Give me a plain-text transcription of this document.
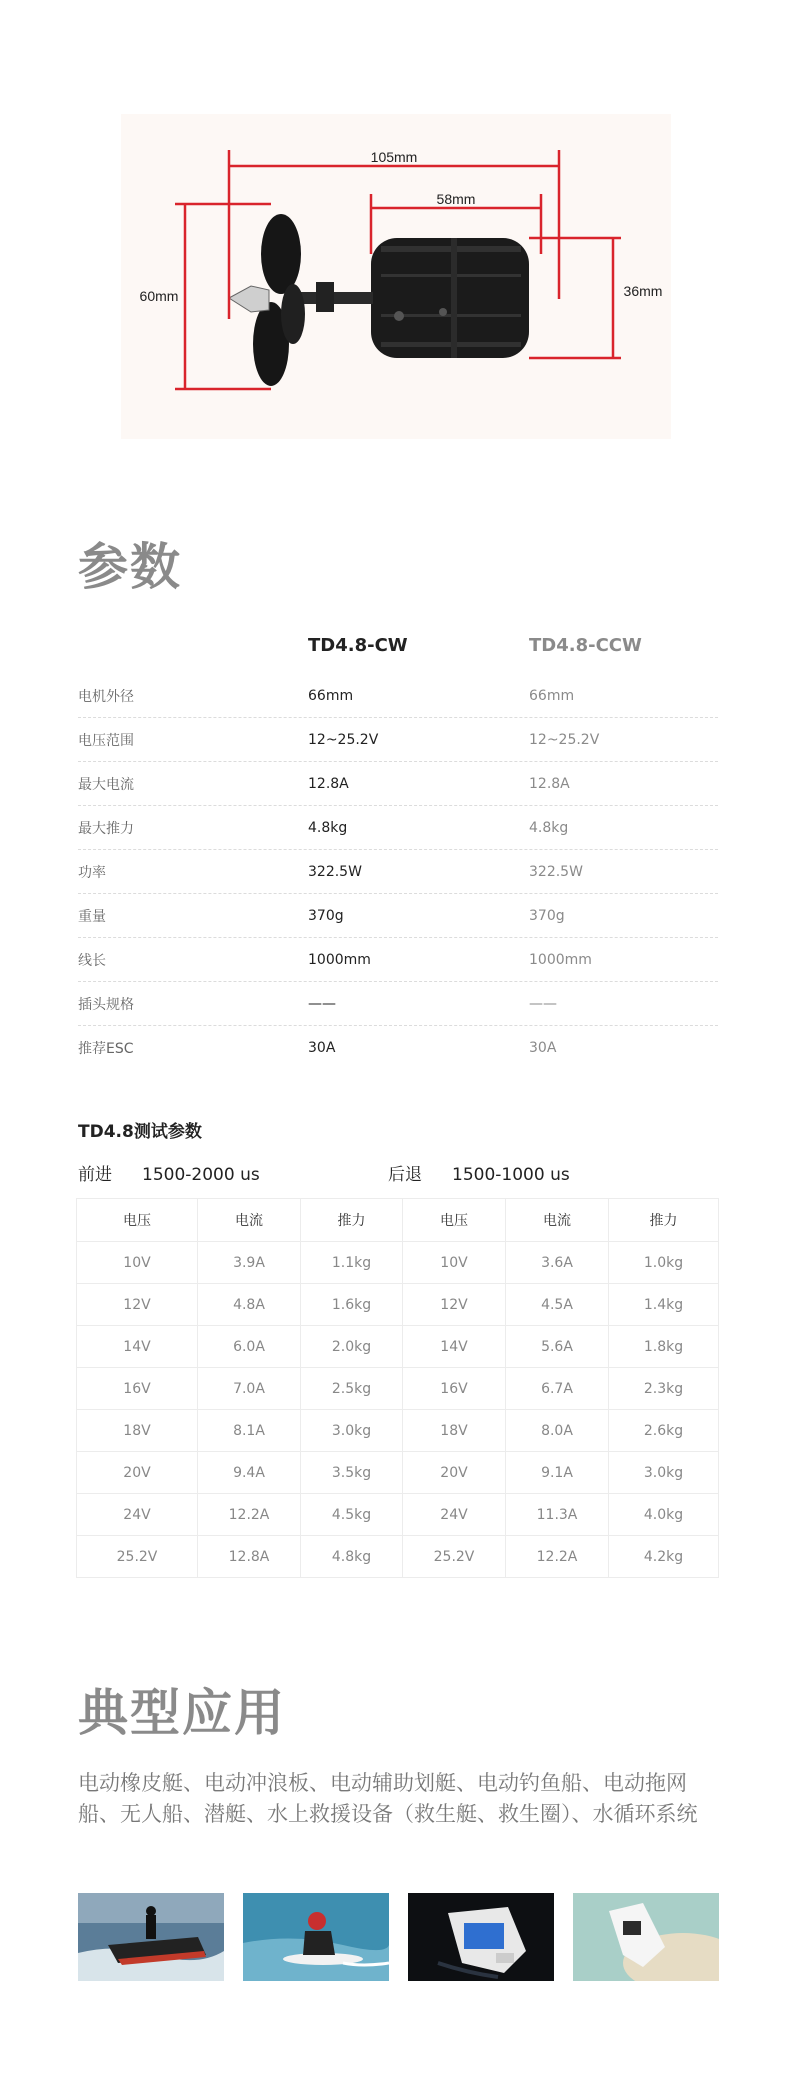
105mm
58mm
60mm	36mm
参数
TD4.8-CW	TD4.8-CCW
电机外径	66mm	66mm
电压范围	12~25.2V	12~25.2V
最大电流	12.8A	12.8A
最大推力	4.8kg	4.8kg
功率	322.5W	322.5W
重量	370g	370g
线长	1000mm	1000mm
插头规格	——	——
推荐ESC	30A	30A
TD4.8测试参数
前进 1500-2000 us	后退 1500-1000 us
电压	电流	推力	电压	电流	推力
10V	3.9A	1.1kg	10V	3.6A	1.0kg
12V	4.8A	1.6kg	12V	4.5A	1.4kg
14V	6.0A	2.0kg	14V	5.6A	1.8kg
16V	7.0A	2.5kg	16V	6.7A	2.3kg
18V	8.1A	3.0kg	18V	8.0A	2.6kg
20V	9.4A	3.5kg	20V	9.1A	3.0kg
24V	12.2A	4.5kg	24V	11.3A	4.0kg
25.2V	12.8A	4.8kg	25.2V	12.2A	4.2kg
典型应用
电动橡皮艇、电动冲浪板、电动辅助划艇、电动钓鱼船、电动拖网船、无人船、潜艇、水上救援设备（救生艇、救生圈）、水循环系统
